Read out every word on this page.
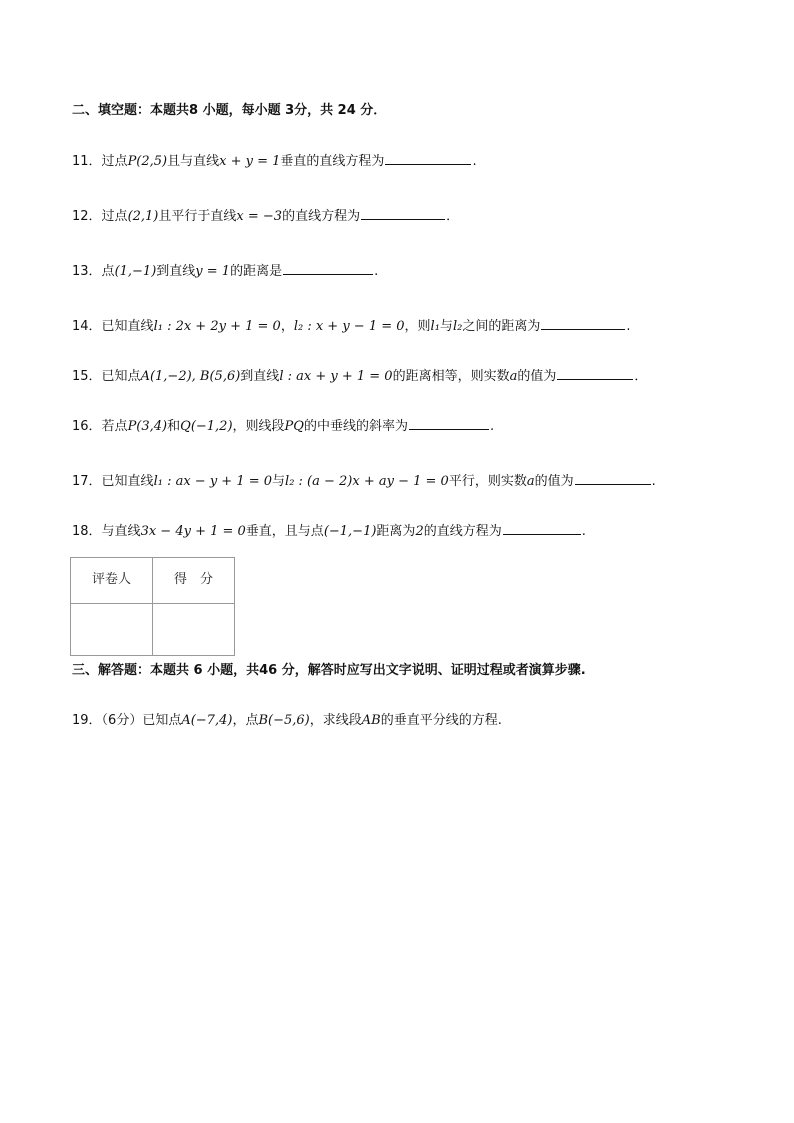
二、填空题：本题共8 小题，每小题 3分，共 24 分．
11．过点P(2,5)且与直线x + y = 1垂直的直线方程为	.
12．过点(2,1)且平行于直线x = −3的直线方程为	．
13．点(1,−1)到直线y = 1的距离是	.
14．已知直线l₁ : 2x + 2y + 1 = 0，l₂ : x + y − 1 = 0，则l₁与l₂之间的距离为	.
15．已知点A(1,−2), B(5,6)到直线l : ax + y + 1 = 0的距离相等，则实数a的值为	．
16．若点P(3,4)和Q(−1,2)，则线段PQ的中垂线的斜率为	.
17．已知直线l₁ : ax − y + 1 = 0与l₂ : (a − 2)x + ay − 1 = 0平行，则实数a的值为	.
18．与直线3x − 4y + 1 = 0垂直，且与点(−1,−1)距离为2的直线方程为	.
评卷人	得　分

三、解答题：本题共 6 小题，共46 分，解答时应写出文字说明、证明过程或者演算步骤.
19．（6分）已知点A(−7,4)，点B(−5,6)，求线段AB的垂直平分线的方程.
